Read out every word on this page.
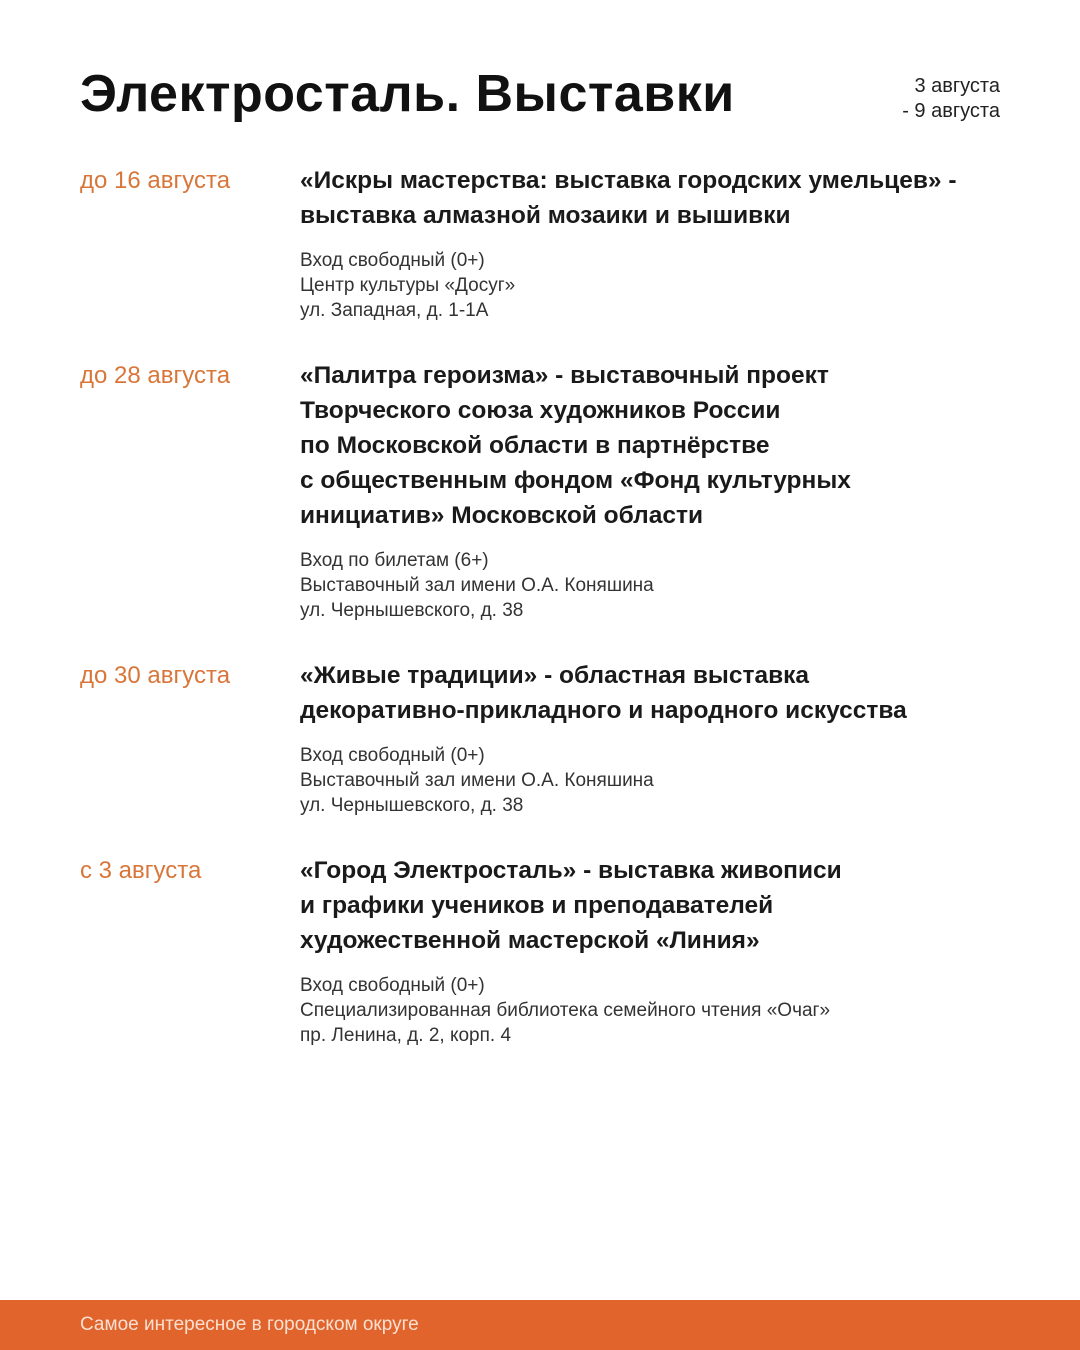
Электросталь. Выставки	3 августа
- 9 августа
до 16 августа	«Искры мастерства: выставка городских умельцев» -
выставка алмазной мозаики и вышивки
Вход свободный (0+)
Центр культуры «Досуг»
ул. Западная, д. 1-1А
до 28 августа	«Палитра героизма» - выставочный проект
Творческого союза художников России
по Московской области в партнёрстве
с общественным фондом «Фонд культурных
инициатив» Московской области
Вход по билетам (6+)
Выставочный зал имени О.А. Коняшина
ул. Чернышевского, д. 38
до 30 августа	«Живые традиции» - областная выставка
декоративно-прикладного и народного искусства
Вход свободный (0+)
Выставочный зал имени О.А. Коняшина
ул. Чернышевского, д. 38
с 3 августа	«Город Электросталь» - выставка живописи
и графики учеников и преподавателей
художественной мастерской «Линия»
Вход свободный (0+)
Специализированная библиотека семейного чтения «Очаг»
пр. Ленина, д. 2, корп. 4
Самое интересное в городском округе
